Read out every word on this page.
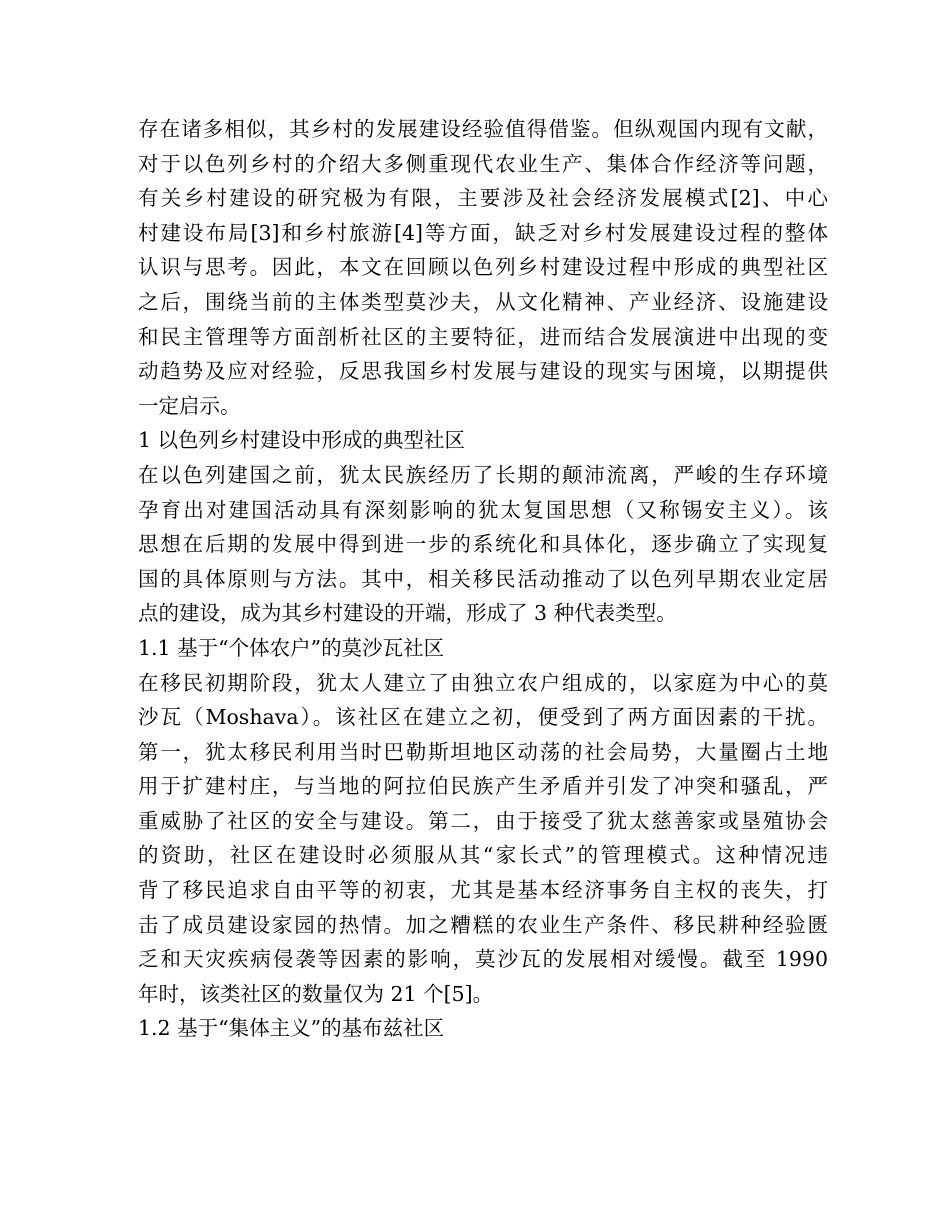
存在诸多相似，其乡村的发展建设经验值得借鉴。但纵观国内现有文献，
对于以色列乡村的介绍大多侧重现代农业生产、集体合作经济等问题，
有关乡村建设的研究极为有限，主要涉及社会经济发展模式[2]、中心
村建设布局[3]和乡村旅游[4]等方面，缺乏对乡村发展建设过程的整体
认识与思考。因此，本文在回顾以色列乡村建设过程中形成的典型社区
之后，围绕当前的主体类型莫沙夫，从文化精神、产业经济、设施建设
和民主管理等方面剖析社区的主要特征，进而结合发展演进中出现的变
动趋势及应对经验，反思我国乡村发展与建设的现实与困境，以期提供
一定启示。
1 以色列乡村建设中形成的典型社区
在以色列建国之前，犹太民族经历了长期的颠沛流离，严峻的生存环境
孕育出对建国活动具有深刻影响的犹太复国思想（又称锡安主义）。该
思想在后期的发展中得到进一步的系统化和具体化，逐步确立了实现复
国的具体原则与方法。其中，相关移民活动推动了以色列早期农业定居
点的建设，成为其乡村建设的开端，形成了 3 种代表类型。
1.1 基于“个体农户”的莫沙瓦社区
在移民初期阶段，犹太人建立了由独立农户组成的，以家庭为中心的莫
沙瓦（Moshava）。该社区在建立之初，便受到了两方面因素的干扰。
第一，犹太移民利用当时巴勒斯坦地区动荡的社会局势，大量圈占土地
用于扩建村庄，与当地的阿拉伯民族产生矛盾并引发了冲突和骚乱，严
重威胁了社区的安全与建设。第二，由于接受了犹太慈善家或垦殖协会
的资助，社区在建设时必须服从其“家长式”的管理模式。这种情况违
背了移民追求自由平等的初衷，尤其是基本经济事务自主权的丧失，打
击了成员建设家园的热情。加之糟糕的农业生产条件、移民耕种经验匮
乏和天灾疾病侵袭等因素的影响，莫沙瓦的发展相对缓慢。截至 1990
年时，该类社区的数量仅为 21 个[5]。
1.2 基于“集体主义”的基布兹社区
